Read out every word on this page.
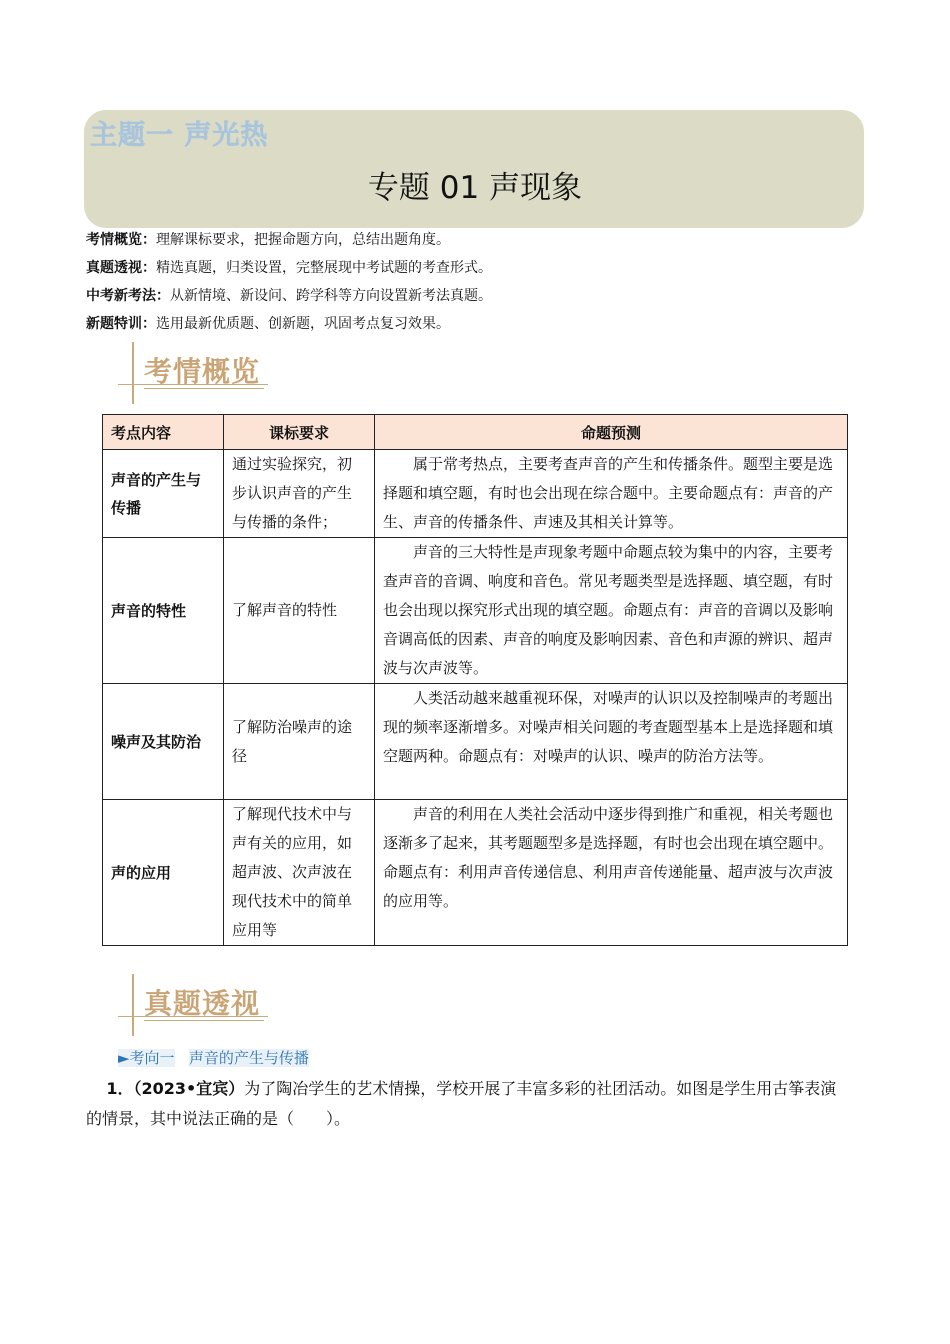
主题一 声光热
专题 01 声现象
考情概览：理解课标要求，把握命题方向，总结出题角度。
真题透视：精选真题，归类设置，完整展现中考试题的考查形式。
中考新考法：从新情境、新设问、跨学科等方向设置新考法真题。
新题特训：选用最新优质题、创新题，巩固考点复习效果。
考情概览
考点内容	课标要求	命题预测
声音的产生与传播	通过实验探究，初步认识声音的产生与传播的条件；	属于常考热点，主要考查声音的产生和传播条件。题型主要是选择题和填空题，有时也会出现在综合题中。主要命题点有：声音的产生、声音的传播条件、声速及其相关计算等。
声音的特性	了解声音的特性	声音的三大特性是声现象考题中命题点较为集中的内容，主要考查声音的音调、响度和音色。常见考题类型是选择题、填空题，有时也会出现以探究形式出现的填空题。命题点有：声音的音调以及影响音调高低的因素、声音的响度及影响因素、音色和声源的辨识、超声波与次声波等。
噪声及其防治	了解防治噪声的途径	人类活动越来越重视环保，对噪声的认识以及控制噪声的考题出现的频率逐渐增多。对噪声相关问题的考查题型基本上是选择题和填空题两种。命题点有：对噪声的认识、噪声的防治方法等。
声的应用	了解现代技术中与声有关的应用，如超声波、次声波在现代技术中的简单应用等	声音的利用在人类社会活动中逐步得到推广和重视，相关考题也逐渐多了起来，其考题题型多是选择题，有时也会出现在填空题中。命题点有：利用声音传递信息、利用声音传递能量、超声波与次声波的应用等。
真题透视
►考向一 声音的产生与传播
1．（2023•宜宾）为了陶冶学生的艺术情操，学校开展了丰富多彩的社团活动。如图是学生用古筝表演的情景，其中说法正确的是（　　）。
